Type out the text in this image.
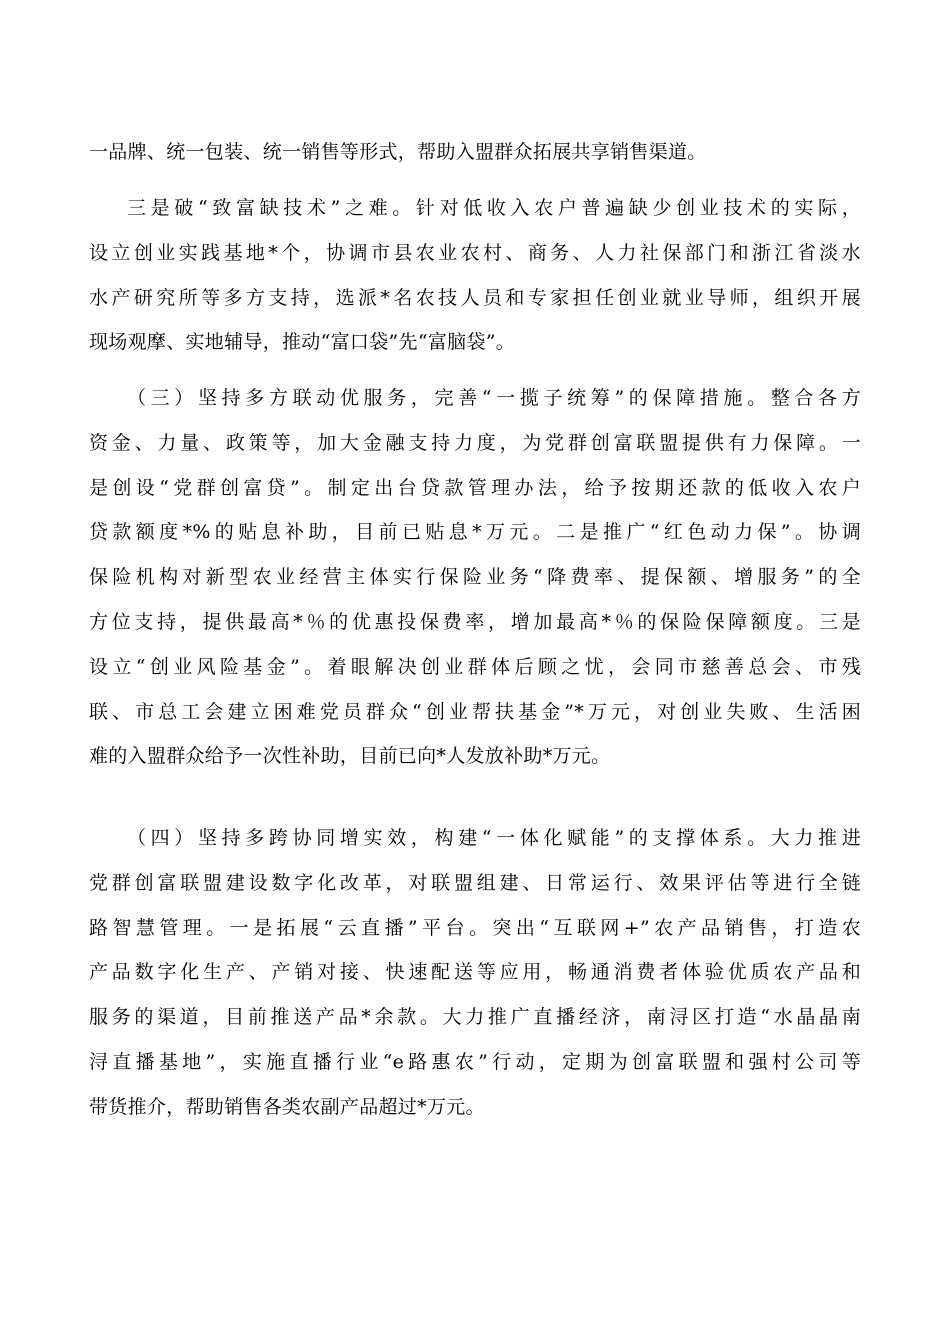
一品牌、统一包装、统一销售等形式，帮助入盟群众拓展共享销售渠道。
三是破“致富缺技术”之难。针对低收入农户普遍缺少创业技术的实际，
设立创业实践基地*个，协调市县农业农村、商务、人力社保部门和浙江省淡水
水产研究所等多方支持，选派*名农技人员和专家担任创业就业导师，组织开展
现场观摩、实地辅导，推动“富口袋”先“富脑袋”。
（三）坚持多方联动优服务，完善“一揽子统筹”的保障措施。整合各方
资金、力量、政策等，加大金融支持力度，为党群创富联盟提供有力保障。一
是创设“党群创富贷”。制定出台贷款管理办法，给予按期还款的低收入农户
贷款额度*%的贴息补助，目前已贴息*万元。二是推广“红色动力保”。协调
保险机构对新型农业经营主体实行保险业务“降费率、提保额、增服务”的全
方位支持，提供最高*％的优惠投保费率，增加最高*％的保险保障额度。三是
设立“创业风险基金”。着眼解决创业群体后顾之忧，会同市慈善总会、市残
联、市总工会建立困难党员群众“创业帮扶基金”*万元，对创业失败、生活困
难的入盟群众给予一次性补助，目前已向*人发放补助*万元。
（四）坚持多跨协同增实效，构建“一体化赋能”的支撑体系。大力推进
党群创富联盟建设数字化改革，对联盟组建、日常运行、效果评估等进行全链
路智慧管理。一是拓展“云直播”平台。突出“互联网+”农产品销售，打造农
产品数字化生产、产销对接、快速配送等应用，畅通消费者体验优质农产品和
服务的渠道，目前推送产品*余款。大力推广直播经济，南浔区打造“水晶晶南
浔直播基地”，实施直播行业“e路惠农”行动，定期为创富联盟和强村公司等
带货推介，帮助销售各类农副产品超过*万元。
